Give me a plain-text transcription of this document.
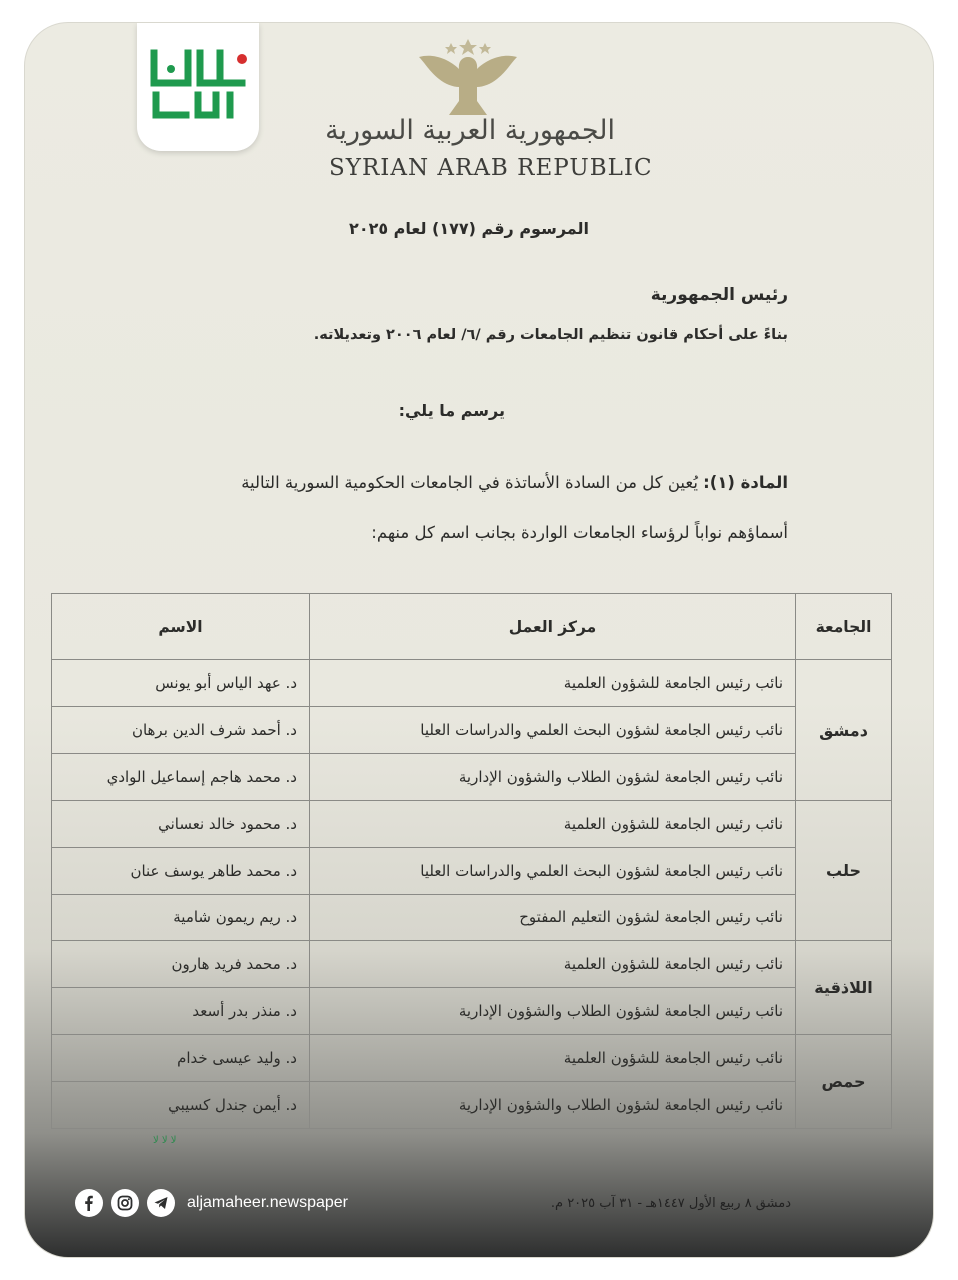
الجمهورية العربية السورية
SYRIAN ARAB REPUBLIC
المرسوم رقم (١٧٧) لعام ٢٠٢٥
رئيس الجمهورية
بناءً على أحكام قانون تنظيم الجامعات رقم /٦/ لعام ٢٠٠٦ وتعديلاته.
يرسم ما يلي:
المادة (١): يُعين كل من السادة الأساتذة في الجامعات الحكومية السورية التالية
أسماؤهم نواباً لرؤساء الجامعات الواردة بجانب اسم كل منهم:
الجامعة	مركز العمل	الاسم
دمشق	نائب رئيس الجامعة للشؤون العلمية	د. عهد الياس أبو يونس
	نائب رئيس الجامعة لشؤون البحث العلمي والدراسات العليا	د. أحمد شرف الدين برهان
	نائب رئيس الجامعة لشؤون الطلاب والشؤون الإدارية	د. محمد هاجم إسماعيل الوادي
حلب	نائب رئيس الجامعة للشؤون العلمية	د. محمود خالد نعساني
	نائب رئيس الجامعة لشؤون البحث العلمي والدراسات العليا	د. محمد طاهر يوسف عنان
	نائب رئيس الجامعة لشؤون التعليم المفتوح	د. ريم ريمون شامية
اللاذقية	نائب رئيس الجامعة للشؤون العلمية	د. محمد فريد هارون
	نائب رئيس الجامعة لشؤون الطلاب والشؤون الإدارية	د. منذر بدر أسعد
حمص	نائب رئيس الجامعة للشؤون العلمية	د. وليد عيسى خدام
	نائب رئيس الجامعة لشؤون الطلاب والشؤون الإدارية	د. أيمن جندل كسيبي
ﻻ ﻻ ﻻ
دمشق ٨ ربيع الأول ١٤٤٧هـ - ٣١ آب ٢٠٢٥ م.
aljamaheer.newspaper
